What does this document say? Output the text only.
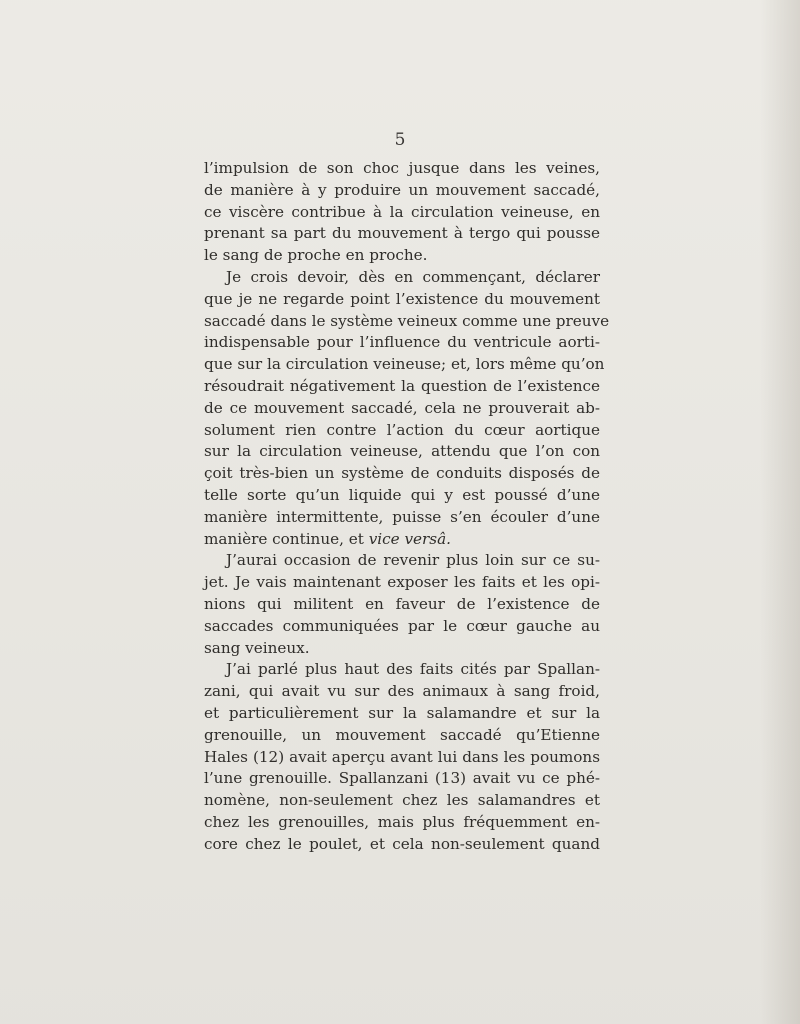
5
l’impulsion de son choc jusque dans les veines,
de manière à y produire un mouvement saccadé,
ce viscère contribue à la circulation veineuse, en
prenant sa part du mouvement à tergo qui pousse
le sang de proche en proche.
Je crois devoir, dès en commençant, déclarer
que je ne regarde point l’existence du mouvement
saccadé dans le système veineux comme une preuve
indispensable pour l’influence du ventricule aorti-
que sur la circulation veineuse; et, lors même qu’on
résoudrait négativement la question de l’existence
de ce mouvement saccadé, cela ne prouverait ab-
solument rien contre l’action du cœur aortique
sur la circulation veineuse, attendu que l’on con
çoit très-bien un système de conduits disposés de
telle sorte qu’un liquide qui y est poussé d’une
manière intermittente, puisse s’en écouler d’une
manière continue, et vice versâ.
J’aurai occasion de revenir plus loin sur ce su-
jet. Je vais maintenant exposer les faits et les opi-
nions qui militent en faveur de l’existence de
saccades communiquées par le cœur gauche au
sang veineux.
J’ai parlé plus haut des faits cités par Spallan-
zani, qui avait vu sur des animaux à sang froid,
et particulièrement sur la salamandre et sur la
grenouille, un mouvement saccadé qu’Etienne
Hales (12) avait aperçu avant lui dans les poumons
l’une grenouille. Spallanzani (13) avait vu ce phé-
nomène, non-seulement chez les salamandres et
chez les grenouilles, mais plus fréquemment en-
core chez le poulet, et cela non-seulement quand
